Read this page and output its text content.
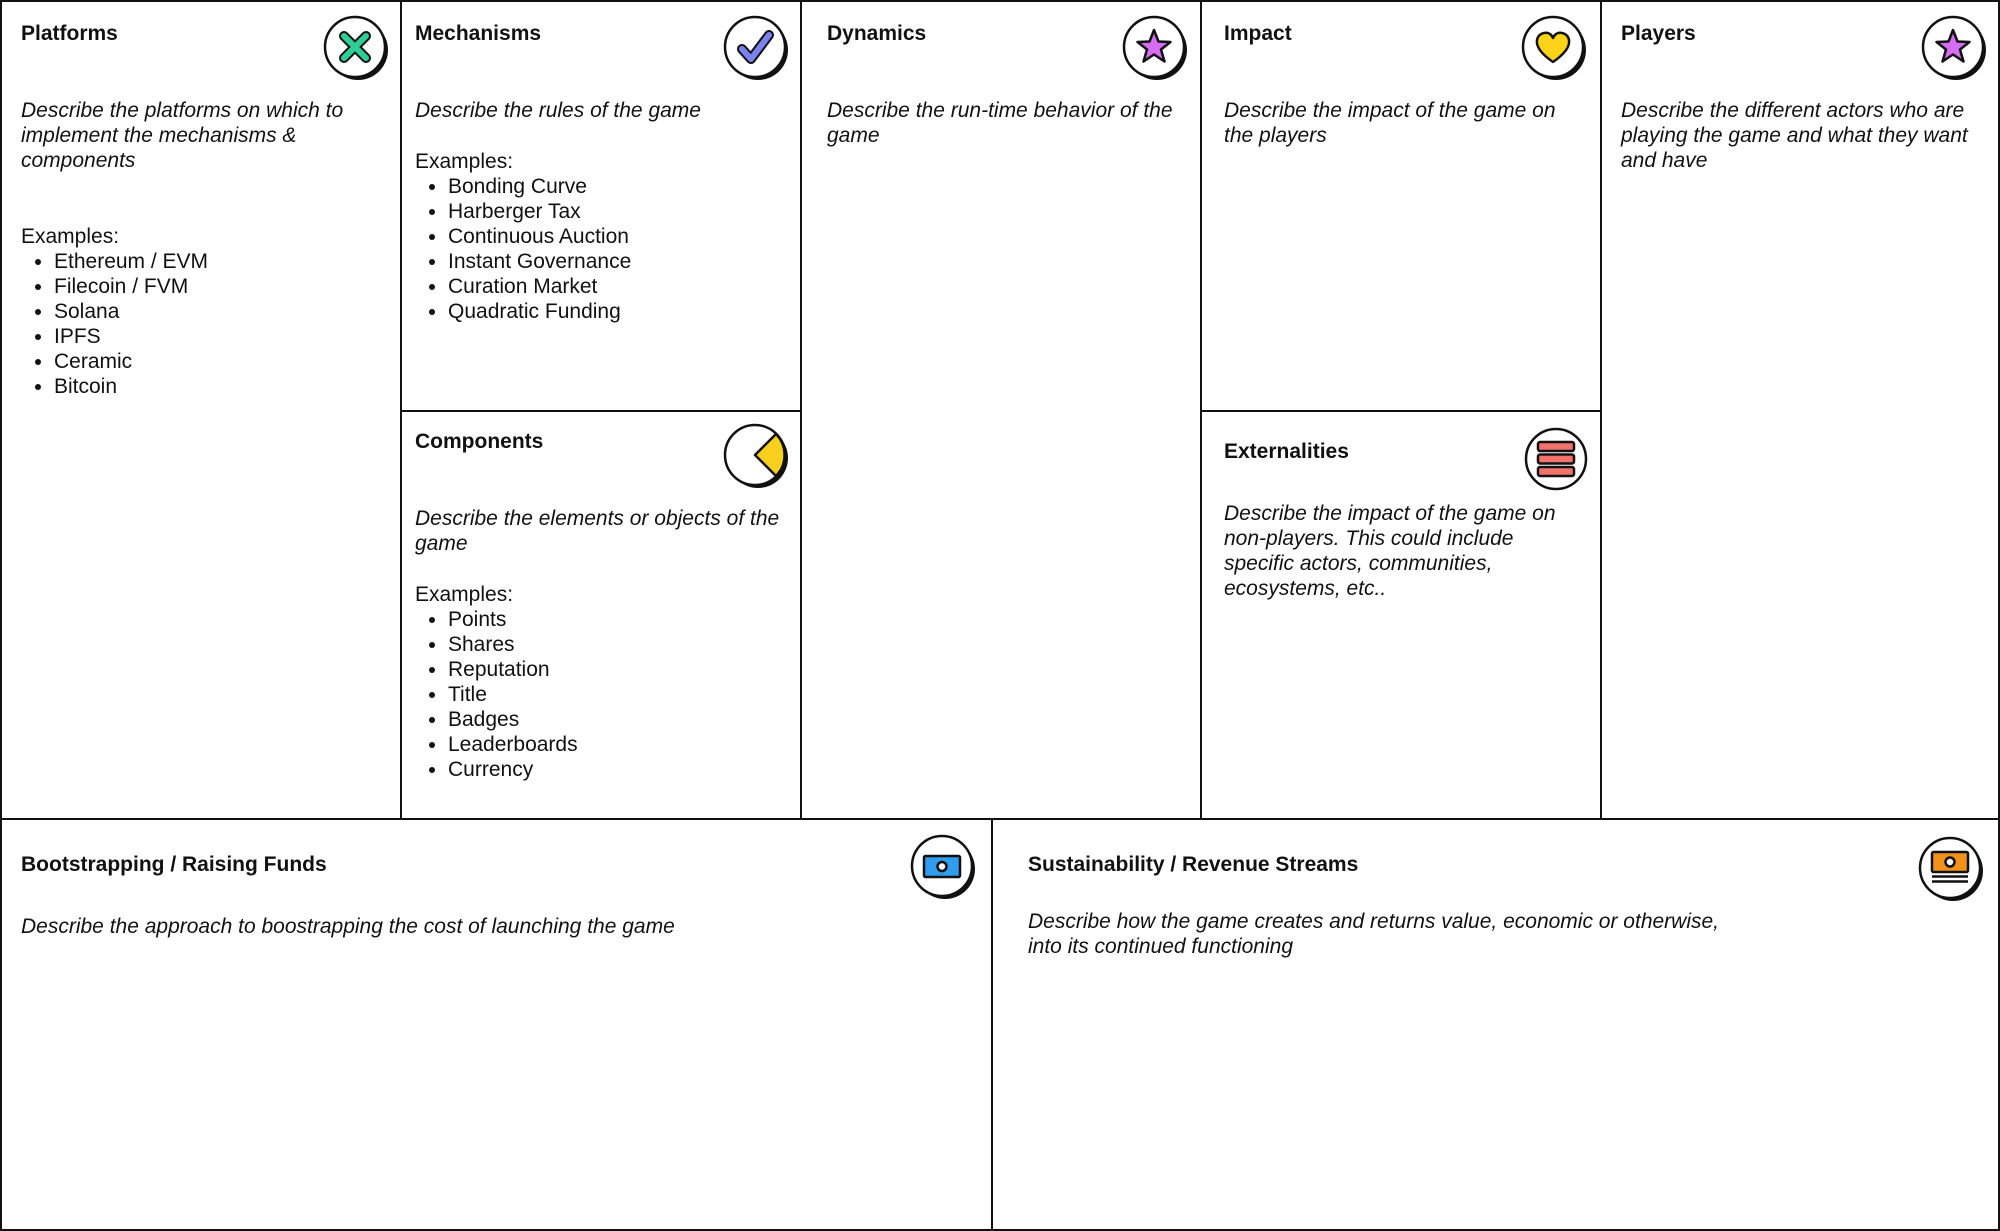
Platforms

Describe the platforms on which to implement the mechanisms & components

Examples:
• Ethereum / EVM
• Filecoin / FVM
• Solana
• IPFS
• Ceramic
• Bitcoin
Mechanisms

Describe the rules of the game

Examples:
• Bonding Curve
• Harberger Tax
• Continuous Auction
• Instant Governance
• Curation Market
• Quadratic Funding
Components

Describe the elements or objects of the game

Examples:
• Points
• Shares
• Reputation
• Title
• Badges
• Leaderboards
• Currency
Dynamics

Describe the run-time behavior of the game

Impact

Describe the impact of the game on the players

Externalities

Describe the impact of the game on non-players. This could include specific actors, communities, ecosystems, etc..

Players

Describe the different actors who are playing the game and what they want and have

Bootstrapping / Raising Funds

Describe the approach to boostrapping the cost of launching the game

Sustainability / Revenue Streams

Describe how the game creates and returns value, economic or otherwise, into its continued functioning
